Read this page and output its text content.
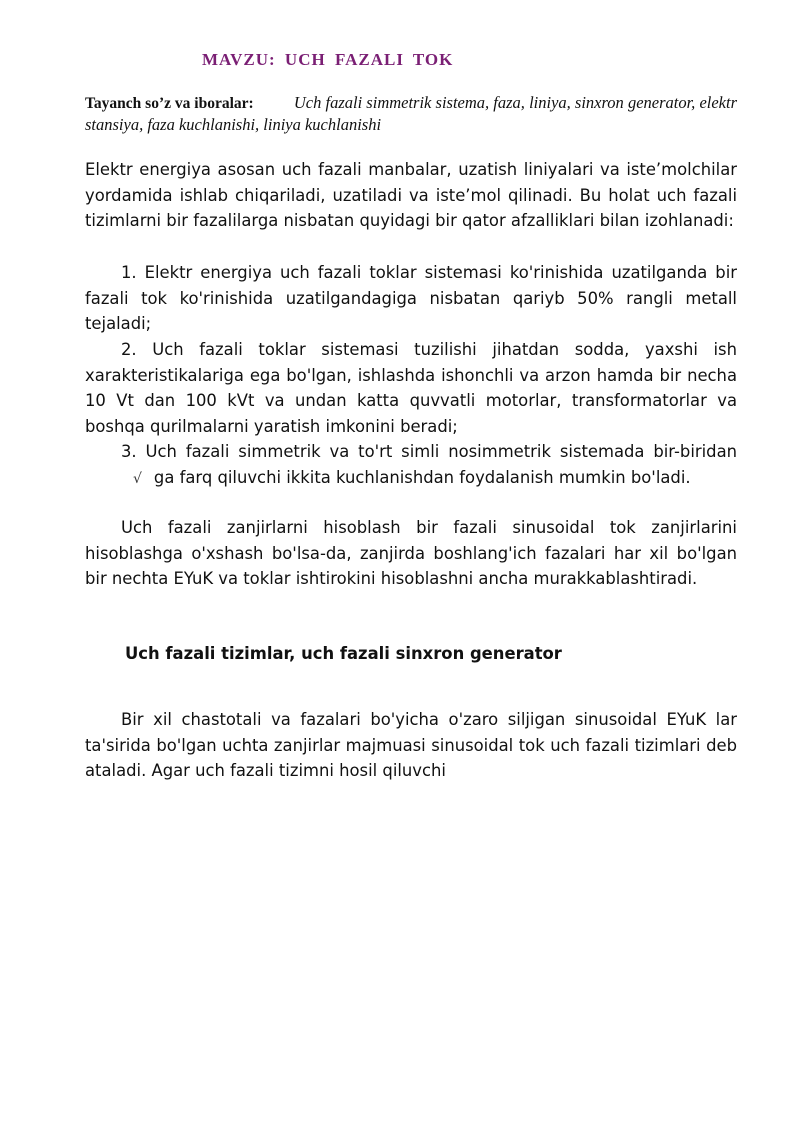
MAVZU: UCH FAZALI TOK

Tayanch so’z va iboralar: Uch fazali simmetrik sistema, faza, liniya, sinxron generator, elektr stansiya, faza kuchlanishi, liniya kuchlanishi

Elektr energiya asosan uch fazali manbalar, uzatish liniyalari va iste’molchilar yordamida ishlab chiqariladi, uzatiladi va iste’mol qilinadi. Bu holat uch fazali tizimlarni bir fazalilarga nisbatan quyidagi bir qator afzalliklari bilan izohlanadi:

1. Elektr energiya uch fazali toklar sistemasi ko'rinishida uzatilganda bir fazali tok ko'rinishida uzatilgandagiga nisbatan qariyb 50% rangli metall tejaladi;

2. Uch fazali toklar sistemasi tuzilishi jihatdan sodda, yaxshi ish xarakteristikalariga ega bo'lgan, ishlashda ishonchli va arzon hamda bir necha 10 Vt dan 100 kVt va undan katta quvvatli motorlar, transformatorlar va boshqa qurilmalarni yaratish imkonini beradi;

3. Uch fazali simmetrik va to'rt simli nosimmetrik sistemada bir-biridan √ ga farq qiluvchi ikkita kuchlanishdan foydalanish mumkin bo'ladi.

Uch fazali zanjirlarni hisoblash bir fazali sinusoidal tok zanjirlarini hisoblashga o'xshash bo'lsa-da, zanjirda boshlang'ich fazalari har xil bo'lgan bir nechta EYuK va toklar ishtirokini hisoblashni ancha murakkablashtiradi.

Uch fazali tizimlar, uch fazali sinxron generator

Bir xil chastotali va fazalari bo'yicha o'zaro siljigan sinusoidal EYuK lar ta'sirida bo'lgan uchta zanjirlar majmuasi sinusoidal tok uch fazali tizimlari deb ataladi. Agar uch fazali tizimni hosil qiluvchi
